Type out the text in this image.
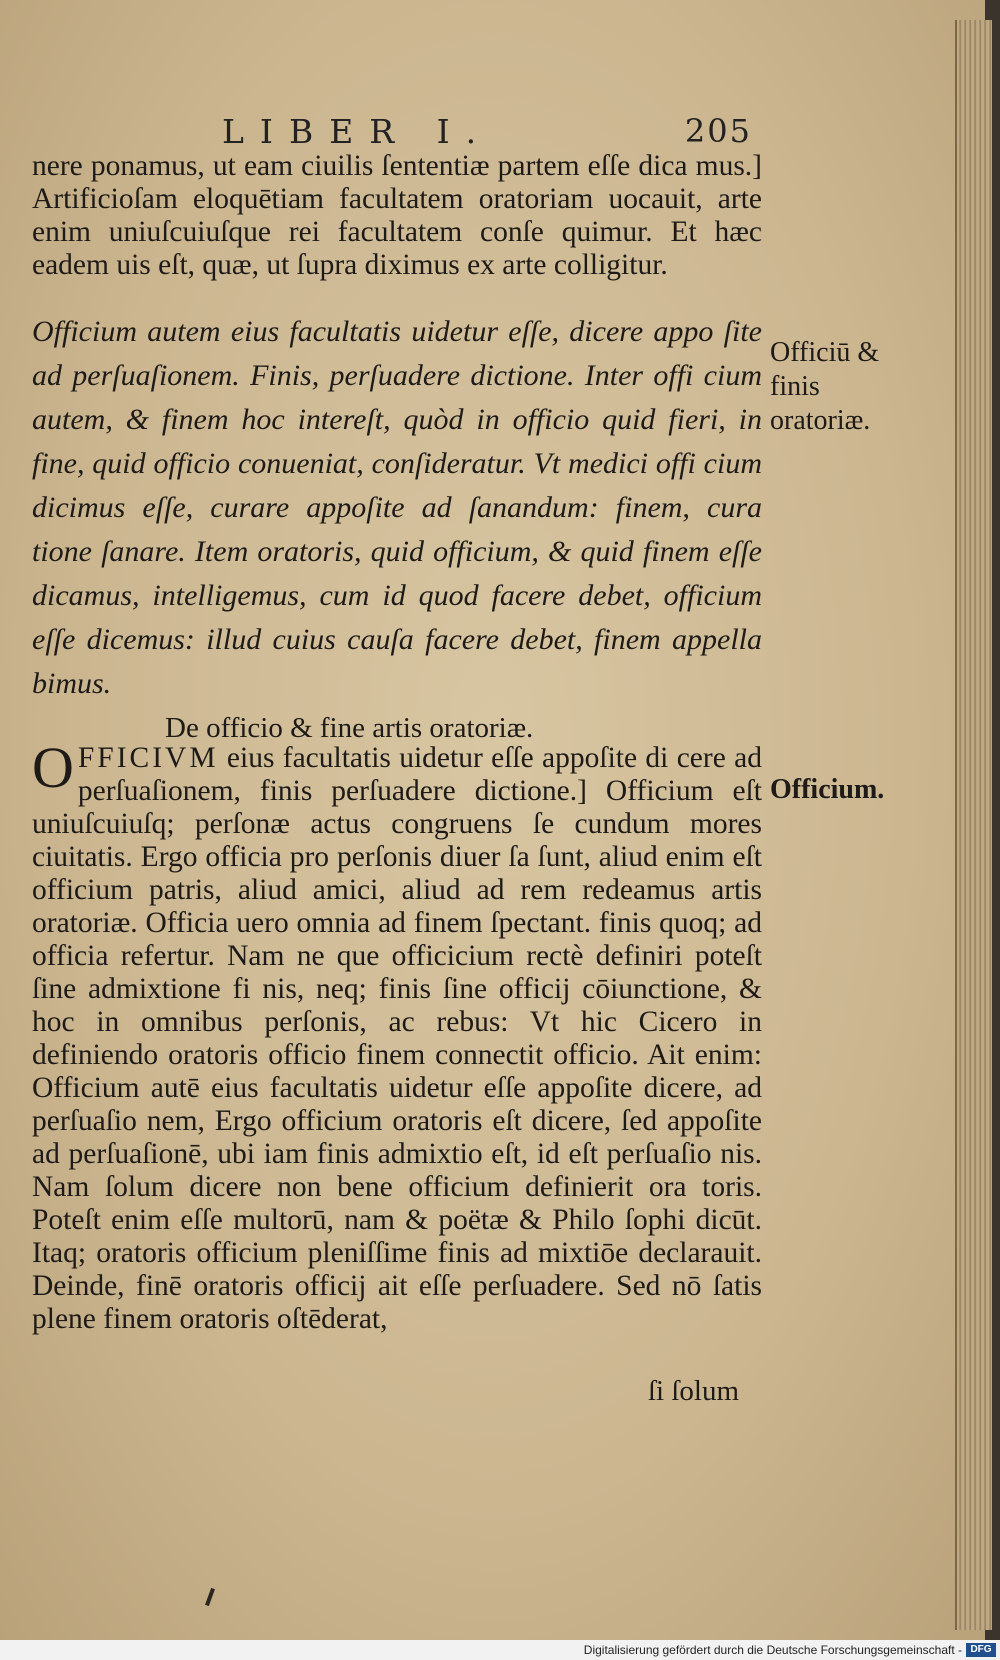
LIBER I.	205

nere ponamus, ut eam ciuilis ſententiæ partem eſſe dica mus.] Artificioſam eloquētiam facultatem oratoriam uocauit, arte enim uniuſcuiuſque rei facultatem conſe quimur. Et hæc eadem uis eſt, quæ, ut ſupra diximus ex arte colligitur.

Officium autem eius facultatis uidetur eſſe, dicere appo ſite ad perſuaſionem. Finis, perſuadere dictione. Inter offi cium autem, & finem hoc intereſt, quòd in officio quid fieri, in fine, quid officio conueniat, conſideratur. Vt medici offi cium dicimus eſſe, curare appoſite ad ſanandum: finem, cura tione ſanare. Item oratoris, quid officium, & quid finem eſſe dicamus, intelligemus, cum id quod facere debet, officium eſſe dicemus: illud cuius cauſa facere debet, finem appella bimus.

Officiū & finis oratoriæ.

De officio & fine artis oratoriæ.

OFFICIVM eius facultatis uidetur eſſe appoſite di cere ad perſuaſionem, finis perſuadere dictione.] Officium eſt uniuſcuiuſq; perſonæ actus congruens ſe cundum mores ciuitatis. Ergo officia pro perſonis diuer ſa ſunt, aliud enim eſt officium patris, aliud amici, aliud ad rem redeamus artis oratoriæ. Officia uero omnia ad finem ſpectant. finis quoq; ad officia refertur. Nam ne que officicium rectè definiri poteſt ſine admixtione fi nis, neq; finis ſine officij cōiunctione, & hoc in omnibus perſonis, ac rebus: Vt hic Cicero in definiendo oratoris officio finem connectit officio. Ait enim: Officium autē eius facultatis uidetur eſſe appoſite dicere, ad perſuaſio nem, Ergo officium oratoris eſt dicere, ſed appoſite ad perſuaſionē, ubi iam finis admixtio eſt, id eſt perſuaſio nis. Nam ſolum dicere non bene officium definierit ora toris. Poteſt enim eſſe multorū, nam & poëtæ & Philo ſophi dicūt. Itaq; oratoris officium pleniſſime finis ad mixtiōe declarauit. Deinde, finē oratoris officij ait eſſe perſuadere. Sed nō ſatis plene finem oratoris oſtēderat,

Officium.

ſi ſolum
Digitalisierung gefördert durch die Deutsche Forschungsgemeinschaft - DFG
